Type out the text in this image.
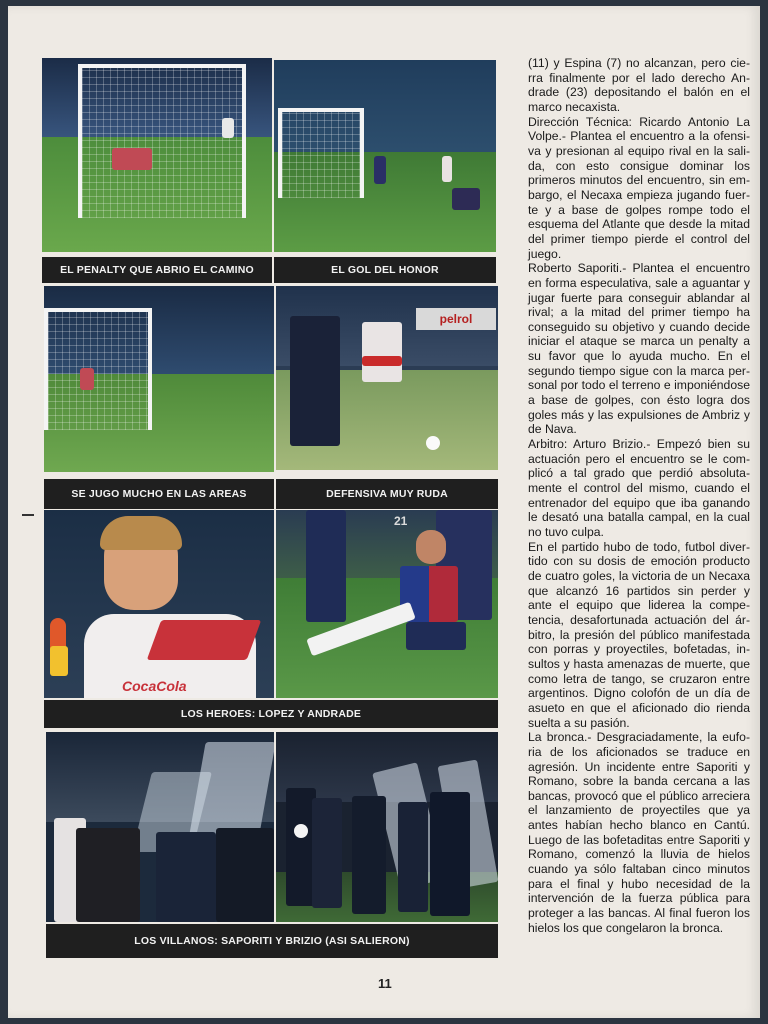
EL PENALTY QUE ABRIO EL CAMINO	EL GOL DEL HONOR
pelrol
SE JUGO MUCHO EN LAS AREAS	DEFENSIVA MUY RUDA
CocaCola
21
LOS HEROES: LOPEZ Y ANDRADE
LOS VILLANOS: SAPORITI Y BRIZIO (ASI SALIERON)

(11) y Espina (7) no alcanzan, pero cierra finalmente por el lado derecho Andrade (23) depositando el balón en el marco necaxista.

Dirección Técnica: Ricardo Antonio La Volpe.- Plantea el encuentro a la ofensiva y presionan al equipo rival en la salida, con esto consigue dominar los primeros minutos del encuentro, sin embargo, el Necaxa empieza jugando fuerte y a base de golpes rompe todo el esquema del Atlante que desde la mitad del primer tiempo pierde el control del juego.

Roberto Saporiti.- Plantea el encuentro en forma especulativa, sale a aguantar y jugar fuerte para conseguir ablandar al rival; a la mitad del primer tiempo ha conseguido su objetivo y cuando decide iniciar el ataque se marca un penalty a su favor que lo ayuda mucho. En el segundo tiempo sigue con la marca personal por todo el terreno e imponiéndose a base de golpes, con ésto logra dos goles más y las expulsiones de Ambriz y de Nava.

Arbitro: Arturo Brizio.- Empezó bien su actuación pero el encuentro se le complicó a tal grado que perdió absolutamente el control del mismo, cuando el entrenador del equipo que iba ganando le desató una batalla campal, en la cual no tuvo culpa.

En el partido hubo de todo, futbol divertido con su dosis de emoción producto de cuatro goles, la victoria de un Necaxa que alcanzó 16 partidos sin perder y ante el equipo que liderea la competencia, desafortunada actuación del árbitro, la presión del público manifestada con porras y proyectiles, bofetadas, insultos y hasta amenazas de muerte, que como letra de tango, se cruzaron entre argentinos. Digno colofón de un día de asueto en que el aficionado dio rienda suelta a su pasión.

La bronca.- Desgraciadamente, la euforia de los aficionados se traduce en agresión. Un incidente entre Saporiti y Romano, sobre la banda cercana a las bancas, provocó que el público arreciera el lanzamiento de proyectiles que ya antes habían hecho blanco en Cantú. Luego de las bofetaditas entre Saporiti y Romano, comenzó la lluvia de hielos cuando ya sólo faltaban cinco minutos para el final y hubo necesidad de la intervención de la fuerza pública para proteger a las bancas. Al final fueron los hielos los que congelaron la bronca.

11
